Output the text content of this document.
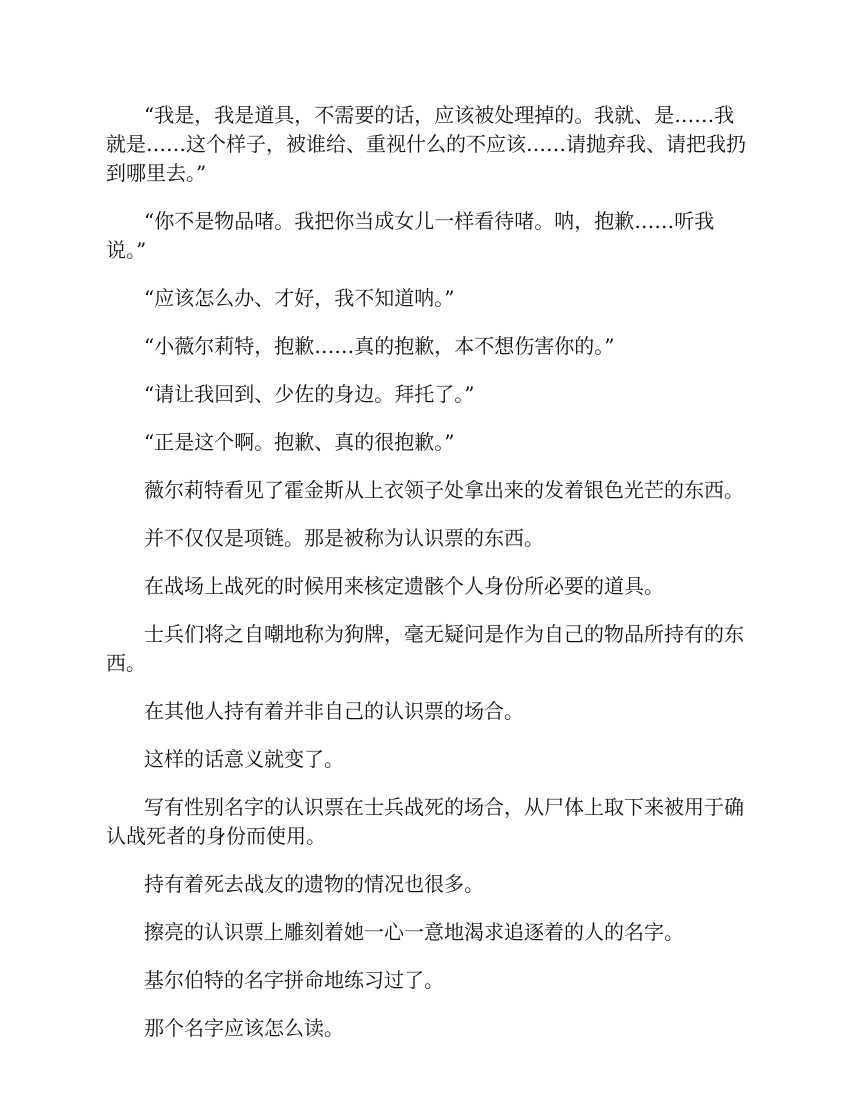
“我是，我是道具，不需要的话，应该被处理掉的。我就、是……我就是……这个样子，被谁给、重视什么的不应该……请抛弃我、请把我扔到哪里去。”

“你不是物品啫。我把你当成女儿一样看待啫。呐，抱歉……听我说。”

“应该怎么办、才好，我不知道呐。”

“小薇尔莉特，抱歉……真的抱歉，本不想伤害你的。”

“请让我回到、少佐的身边。拜托了。”

“正是这个啊。抱歉、真的很抱歉。”

薇尔莉特看见了霍金斯从上衣领子处拿出来的发着银色光芒的东西。

并不仅仅是项链。那是被称为认识票的东西。

在战场上战死的时候用来核定遗骸个人身份所必要的道具。

士兵们将之自嘲地称为狗牌，毫无疑问是作为自己的物品所持有的东西。

在其他人持有着并非自己的认识票的场合。

这样的话意义就变了。

写有性别名字的认识票在士兵战死的场合，从尸体上取下来被用于确认战死者的身份而使用。

持有着死去战友的遗物的情况也很多。

擦亮的认识票上雕刻着她一心一意地渴求追逐着的人的名字。

基尔伯特的名字拼命地练习过了。

那个名字应该怎么读。
